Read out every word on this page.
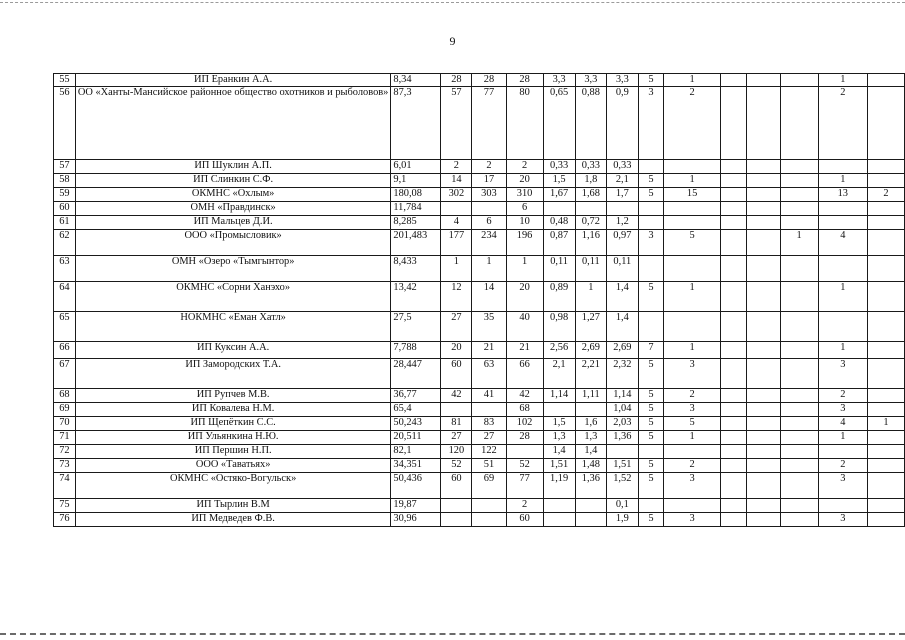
9
55	ИП Еранкин А.А.	8,34	28	28	28	3,3	3,3	3,3	5	1				1	
56	ОО «Ханты-Мансийское районное общество охотников и рыболовов»	87,3	57	77	80	0,65	0,88	0,9	3	2				2	
57	ИП Шуклин А.П.	6,01	2	2	2	0,33	0,33	0,33							
58	ИП Слинкин С.Ф.	9,1	14	17	20	1,5	1,8	2,1	5	1				1	
59	ОКМНС «Охлым»	180,08	302	303	310	1,67	1,68	1,7	5	15				13	2
60	ОМН «Правдинск»	11,784			6										
61	ИП Мальцев Д.И.	8,285	4	6	10	0,48	0,72	1,2							
62	ООО «Промысловик»	201,483	177	234	196	0,87	1,16	0,97	3	5			1	4	
63	ОМН «Озеро «Тымгынтор»	8,433	1	1	1	0,11	0,11	0,11							
64	ОКМНС «Сорни Ханэхо»	13,42	12	14	20	0,89	1	1,4	5	1				1	
65	НОКМНС «Еман Хатл»	27,5	27	35	40	0,98	1,27	1,4							
66	ИП Куксин А.А.	7,788	20	21	21	2,56	2,69	2,69	7	1				1	
67	ИП Замородских Т.А.	28,447	60	63	66	2,1	2,21	2,32	5	3				3	
68	ИП Рупчев М.В.	36,77	42	41	42	1,14	1,11	1,14	5	2				2	
69	ИП Ковалева Н.М.	65,4			68			1,04	5	3				3	
70	ИП Щепёткин С.С.	50,243	81	83	102	1,5	1,6	2,03	5	5				4	1
71	ИП Ульянкина Н.Ю.	20,511	27	27	28	1,3	1,3	1,36	5	1				1	
72	ИП Першин Н.П.	82,1	120	122		1,4	1,4								
73	ООО «Таватьях»	34,351	52	51	52	1,51	1,48	1,51	5	2				2	
74	ОКМНС «Остяко-Вогульск»	50,436	60	69	77	1,19	1,36	1,52	5	3				3	
75	ИП Тырлин В.М	19,87			2			0,1							
76	ИП Медведев Ф.В.	30,96			60			1,9	5	3				3	
